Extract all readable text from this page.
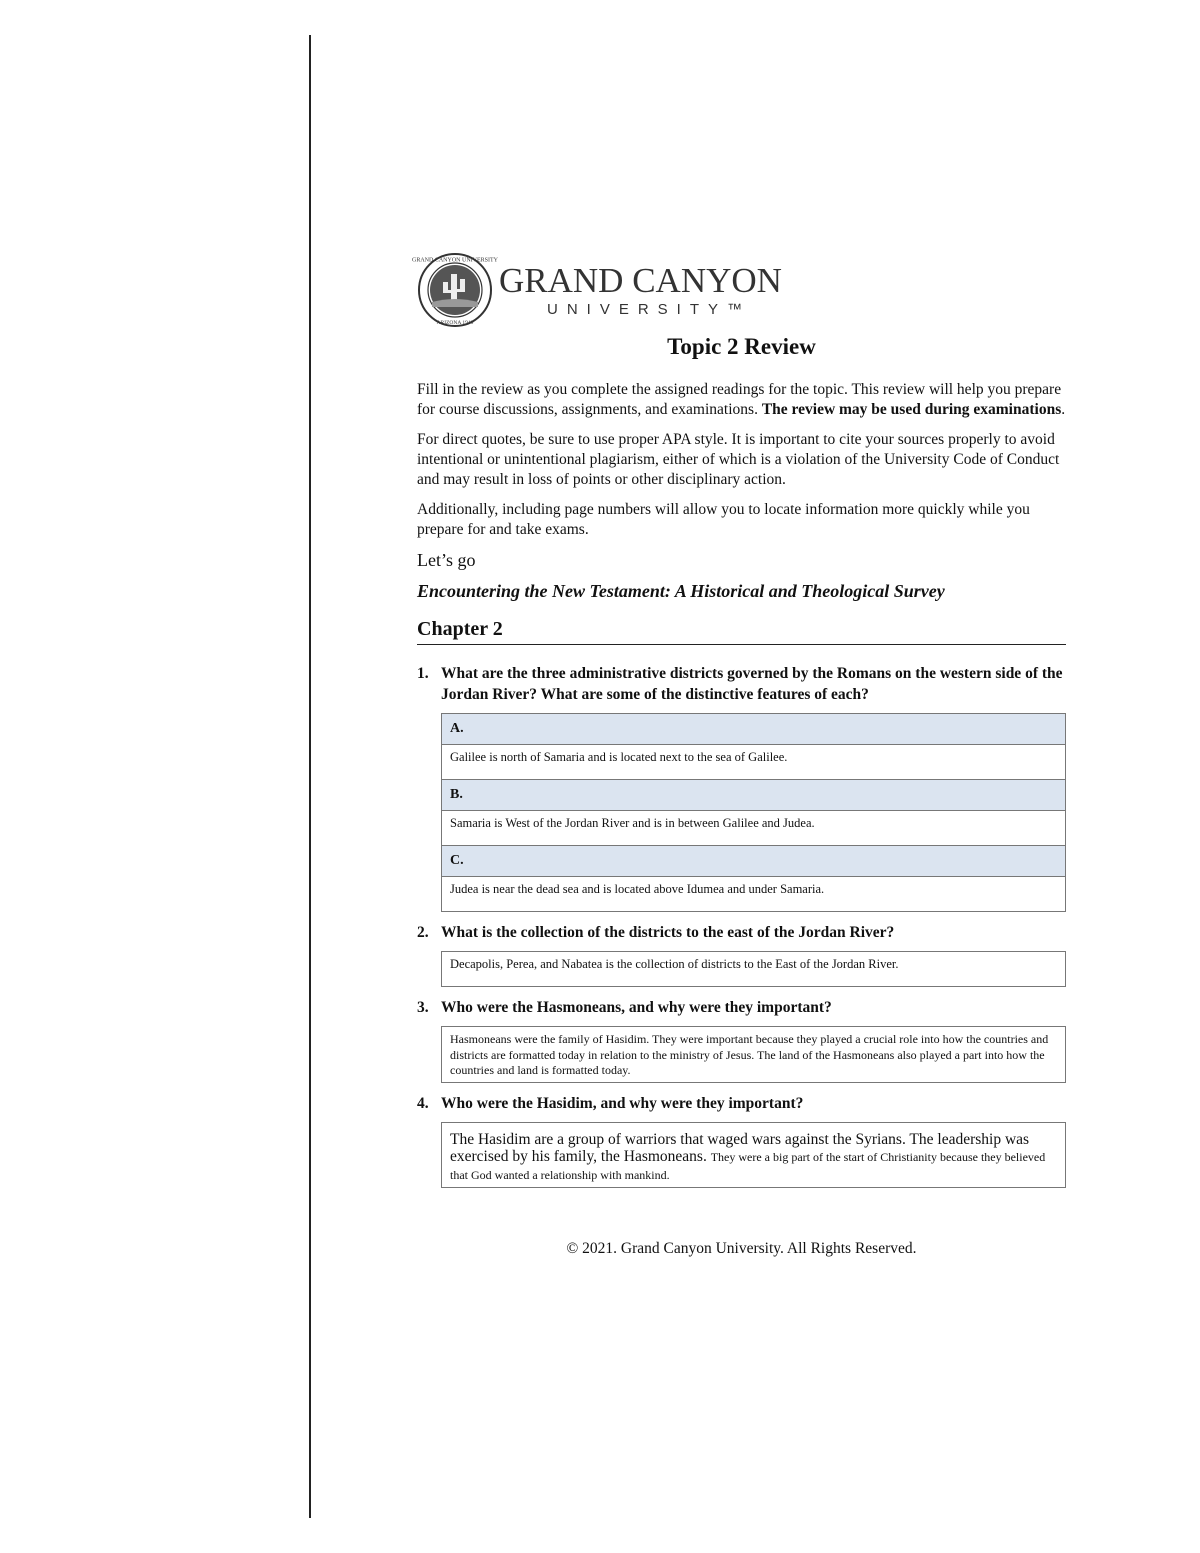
GRAND CANYON UNIVERSITY
ARIZONA 1949
GRAND CANYON
UNIVERSITY™
Topic 2 Review

Fill in the review as you complete the assigned readings for the topic. This review will help you prepare for course discussions, assignments, and examinations. The review may be used during examinations.

For direct quotes, be sure to use proper APA style. It is important to cite your sources properly to avoid intentional or unintentional plagiarism, either of which is a violation of the University Code of Conduct and may result in loss of points or other disciplinary action.

Additionally, including page numbers will allow you to locate information more quickly while you prepare for and take exams.

Let’s go
Encountering the New Testament: A Historical and Theological Survey
Chapter 2
1. What are the three administrative districts governed by the Romans on the western side of the Jordan River? What are some of the distinctive features of each?
A.
Galilee is north of Samaria and is located next to the sea of Galilee.
B.
Samaria is West of the Jordan River and is in between Galilee and Judea.
C.
Judea is near the dead sea and is located above Idumea and under Samaria.
2. What is the collection of the districts to the east of the Jordan River?
Decapolis, Perea, and Nabatea is the collection of districts to the East of the Jordan River.
3. Who were the Hasmoneans, and why were they important?
Hasmoneans were the family of Hasidim. They were important because they played a crucial role into how the countries and districts are formatted today in relation to the ministry of Jesus. The land of the Hasmoneans also played a part into how the countries and land is formatted today.
4. Who were the Hasidim, and why were they important?
The Hasidim are a group of warriors that waged wars against the Syrians. The leadership was exercised by his family, the Hasmoneans. They were a big part of the start of Christianity because they believed that God wanted a relationship with mankind.
© 2021. Grand Canyon University. All Rights Reserved.
